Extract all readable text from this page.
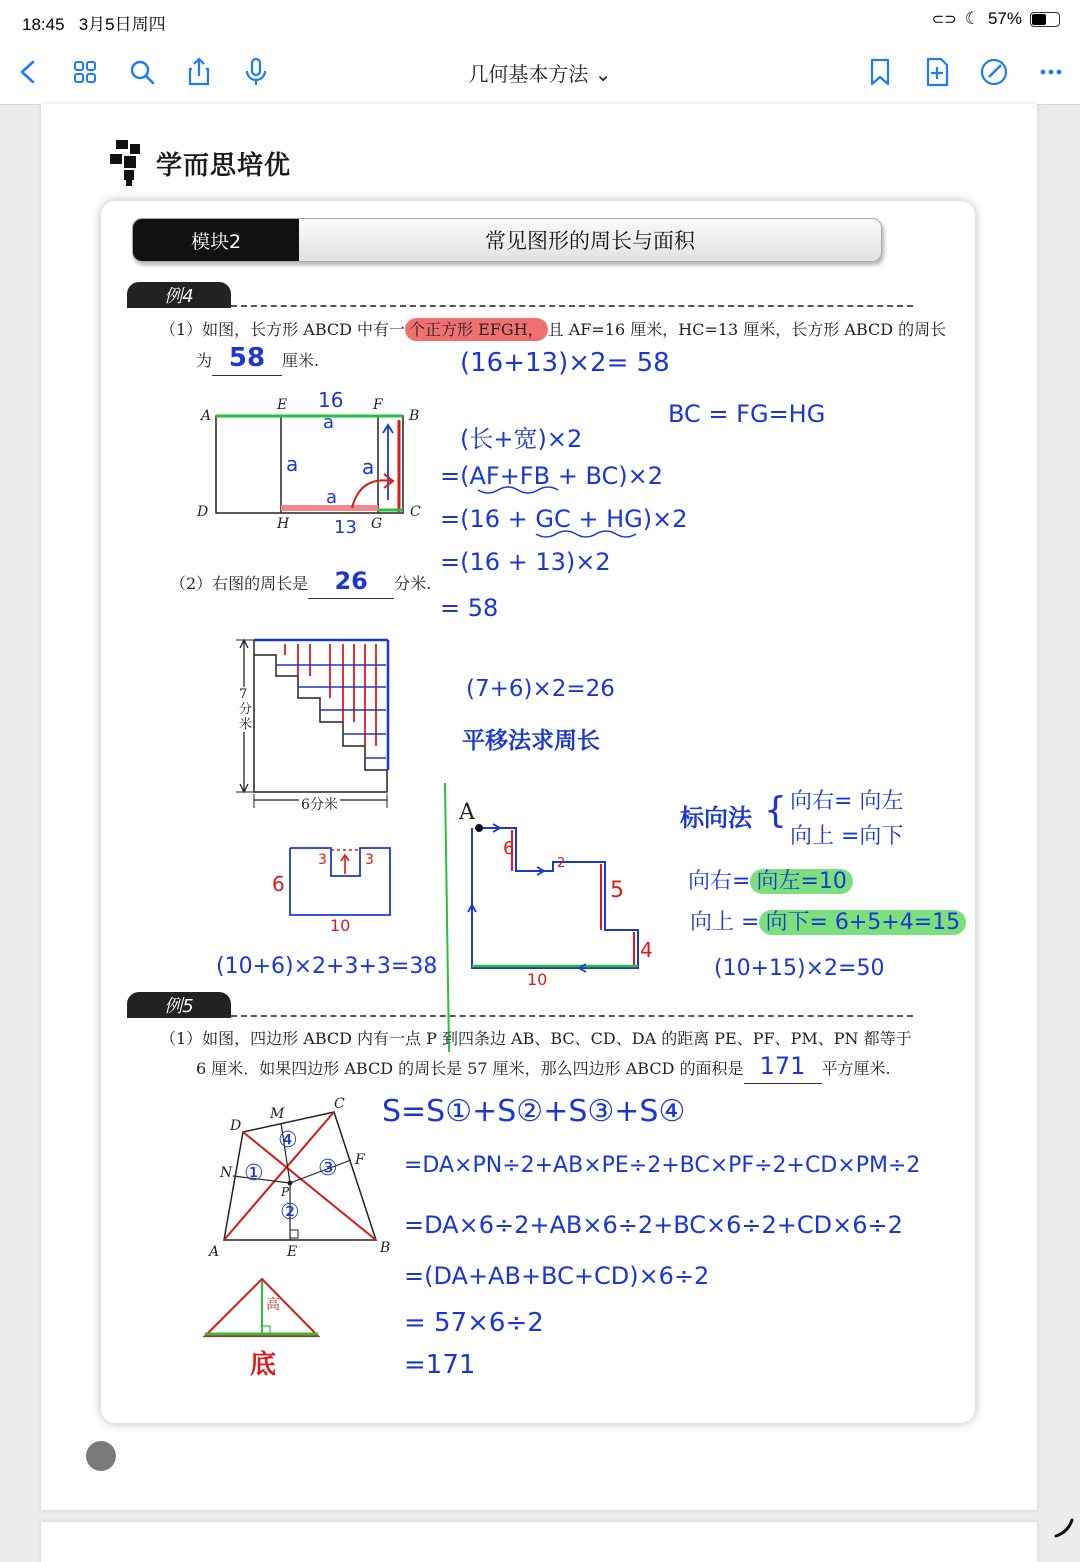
18:45 3月5日周四	⊂⊃ ☾ 57%
几何基本方法 ⌄
学而思培优
模块2	常见图形的周长与面积
例4
（1）如图，长方形 ABCD 中有一 个正方形 EFGH， 且 AF=16 厘米，HC=13 厘米，长方形 ABCD 的周长
为 58 厘米.
A
E	F
B
D
H	G
C
16
13
a
a	a
a
（2）右图的周长是 26 分米.
7
分
米
6分米
6
10
3	3
A
6
2
5
4
10
(16+13)×2= 58
BC = FG=HG
(长+宽)×2
=(AF+FB + BC)×2
=(16 + GC + HG)×2
=(16 + 13)×2
= 58
(7+6)×2=26
平移法求周长
(10+6)×2+3+3=38
标向法 { 向右= 向左
向上 =向下
向右= 向左=10
向上 = 向下= 6+5+4=15
(10+15)×2=50
例5
（1）如图，四边形 ABCD 内有一点 P 到四条边 AB、BC、CD、DA 的距离 PE、PF、PM、PN 都等于
6 厘米．如果四边形 ABCD 的周长是 57 厘米，那么四边形 ABCD 的面积是 171 平方厘米.
D
M
C
N
F
P
A	E	B
①
②
③
④
高
底
S=S①+S②+S③+S④
=DA×PN÷2+AB×PE÷2+BC×PF÷2+CD×PM÷2
=DA×6÷2+AB×6÷2+BC×6÷2+CD×6÷2
=(DA+AB+BC+CD)×6÷2
= 57×6÷2
=171
